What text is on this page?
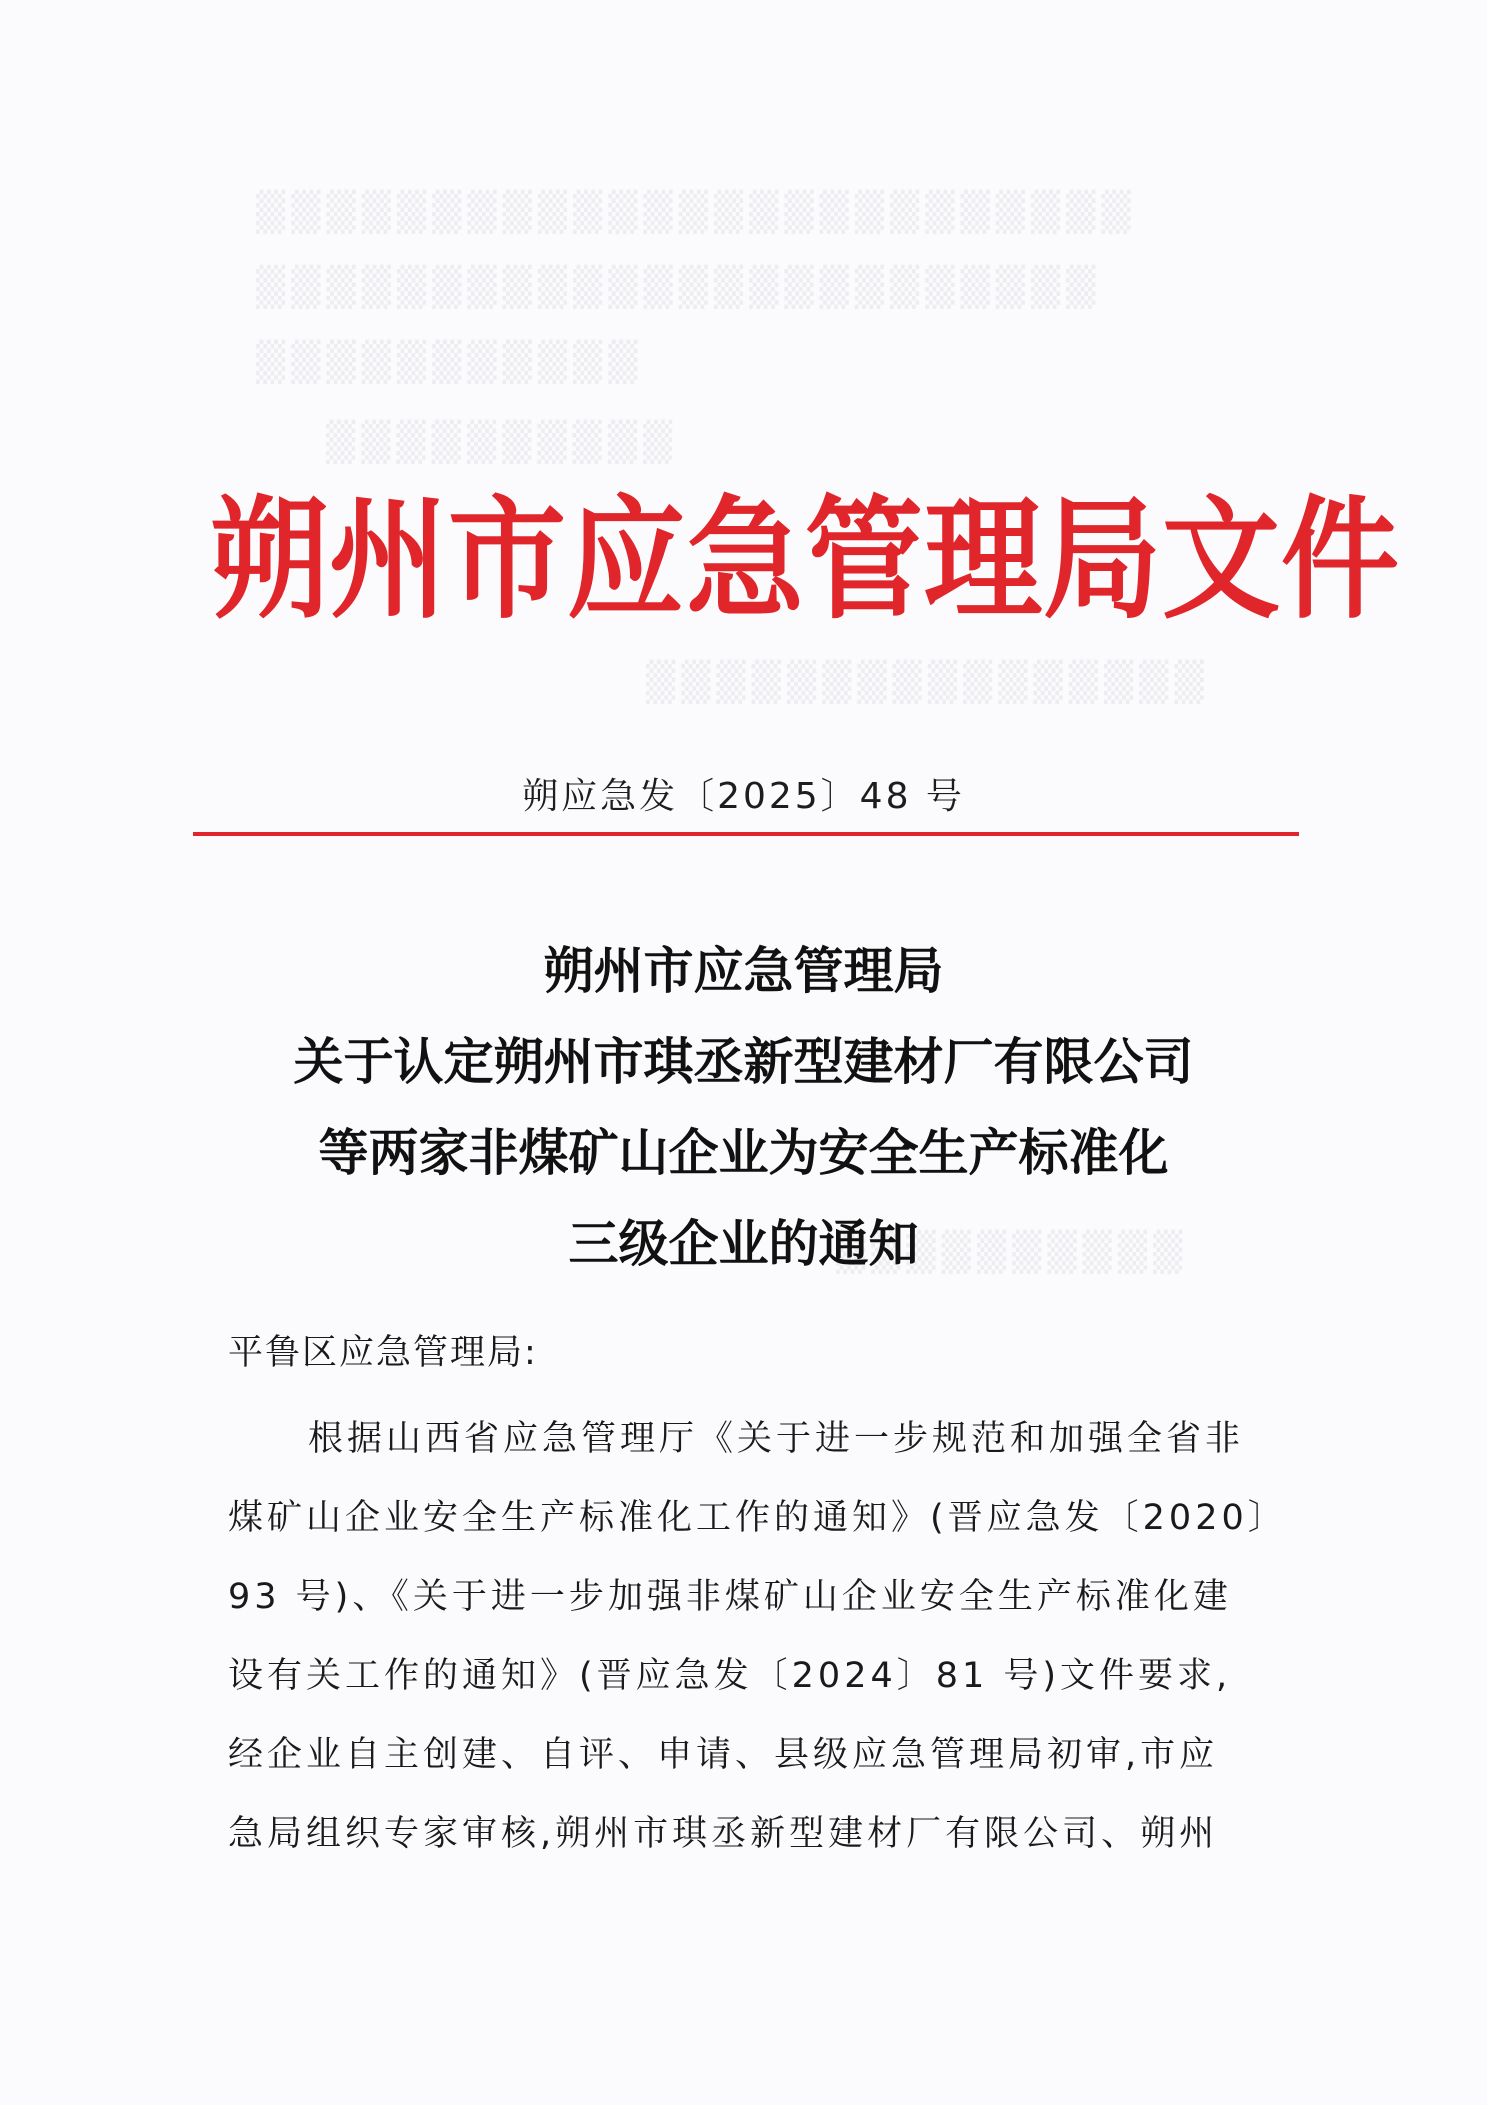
▒▒▒▒▒▒▒▒▒▒▒▒▒▒▒▒▒▒▒▒▒▒▒▒▒
▒▒▒▒▒▒▒▒▒▒▒▒▒▒▒▒▒▒▒▒▒▒▒▒
▒▒▒▒▒▒▒▒▒▒▒
▒▒▒▒▒▒▒▒▒▒
▒▒▒▒▒▒▒▒▒▒▒▒▒▒▒▒
▒▒▒▒▒▒▒▒▒▒
朔州市应急管理局文件
朔应急发〔2025〕48 号
朔州市应急管理局
关于认定朔州市琪丞新型建材厂有限公司
等两家非煤矿山企业为安全生产标准化
三级企业的通知
平鲁区应急管理局:
根据山西省应急管理厅《关于进一步规范和加强全省非
煤矿山企业安全生产标准化工作的通知》(晋应急发〔2020〕
93 号)、《关于进一步加强非煤矿山企业安全生产标准化建
设有关工作的通知》(晋应急发〔2024〕81 号)文件要求,
经企业自主创建、自评、申请、县级应急管理局初审,市应
急局组织专家审核,朔州市琪丞新型建材厂有限公司、朔州
